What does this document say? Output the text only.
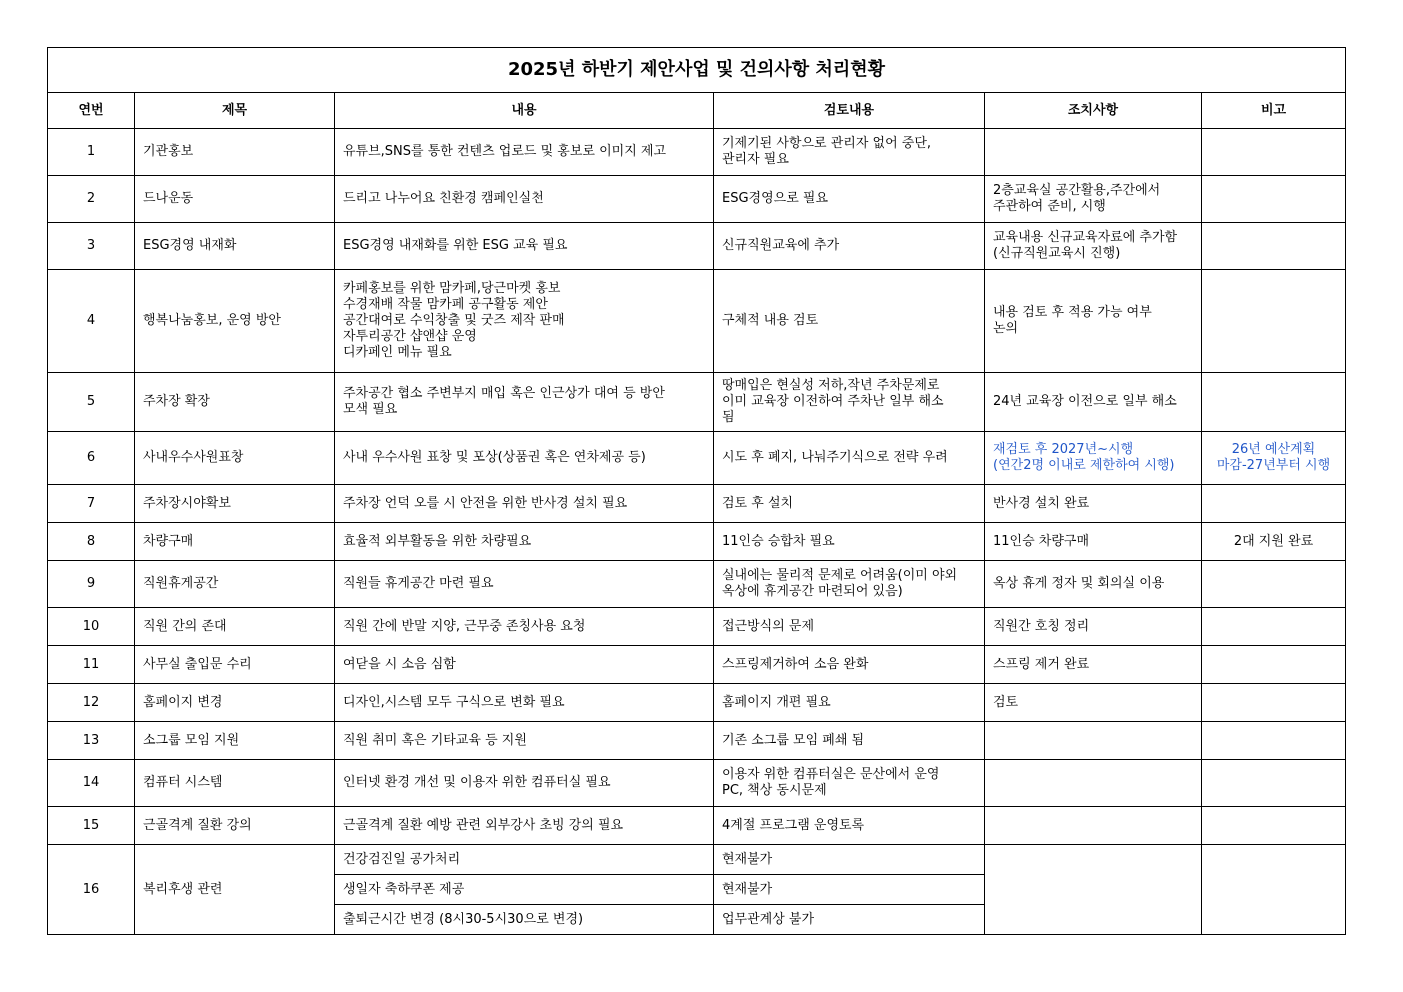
2025년 하반기 제안사업 및 건의사항 처리현황					
연번	제목	내용	검토내용	조치사항	비고
1	기관홍보	유튜브,SNS를 통한 컨텐츠 업로드 및 홍보로 이미지 제고	기제기된 사항으로 관리자 없어 중단,
관리자 필요		
2	드나운동	드리고 나누어요 친환경 캠페인실천	ESG경영으로 필요	2층교육실 공간활용,주간에서
주관하여 준비, 시행	
3	ESG경영 내재화	ESG경영 내재화를 위한 ESG 교육 필요	신규직원교육에 추가	교육내용 신규교육자료에 추가함
(신규직원교육시 진행)	
4	행복나눔홍보, 운영 방안	카페홍보를 위한 맘카페,당근마켓 홍보
수경재배 작물 맘카페 공구활동 제안
공간대여로 수익창출 및 굿즈 제작 판매
자투리공간 샵앤샵 운영
디카페인 메뉴 필요	구체적 내용 검토	내용 검토 후 적용 가능 여부
논의	
5	주차장 확장	주차공간 협소 주변부지 매입 혹은 인근상가 대여 등 방안
모색 필요	땅매입은 현실성 저하,작년 주차문제로
이미 교육장 이전하여 주차난 일부 해소
됨	24년 교육장 이전으로 일부 해소	
6	사내우수사원표창	사내 우수사원 표창 및 포상(상품권 혹은 연차제공 등)	시도 후 폐지, 나눠주기식으로 전략 우려	재검토 후 2027년~시행
(연간2명 이내로 제한하여 시행)	26년 예산계획
마감-27년부터 시행
7	주차장시야확보	주차장 언덕 오를 시 안전을 위한 반사경 설치 필요	검토 후 설치	반사경 설치 완료	
8	차량구매	효율적 외부활동을 위한 차량필요	11인승 승합차 필요	11인승 차량구매	2대 지원 완료
9	직원휴게공간	직원들 휴게공간 마련 필요	실내에는 물리적 문제로 어려움(이미 야외
옥상에 휴게공간 마련되어 있음)	옥상 휴게 정자 및 회의실 이용	
10	직원 간의 존대	직원 간에 반말 지양, 근무중 존칭사용 요청	접근방식의 문제	직원간 호칭 정리	
11	사무실 출입문 수리	여닫을 시 소음 심함	스프링제거하여 소음 완화	스프링 제거 완료	
12	홈페이지 변경	디자인,시스템 모두 구식으로 변화 필요	홈페이지 개편 필요	검토	
13	소그룹 모임 지원	직원 취미 혹은 기타교육 등 지원	기존 소그룹 모임 폐쇄 됨		
14	컴퓨터 시스템	인터넷 환경 개선 및 이용자 위한 컴퓨터실 필요	이용자 위한 컴퓨터실은 문산에서 운영
PC, 책상 동시문제		
15	근골격계 질환 강의	근골격계 질환 예방 관련 외부강사 초빙 강의 필요	4계절 프로그램 운영토록		
16	복리후생 관련	건강검진일 공가처리	현재불가		
		생일자 축하쿠폰 제공	현재불가		
		출퇴근시간 변경 (8시30-5시30으로 변경)	업무관계상 불가		
